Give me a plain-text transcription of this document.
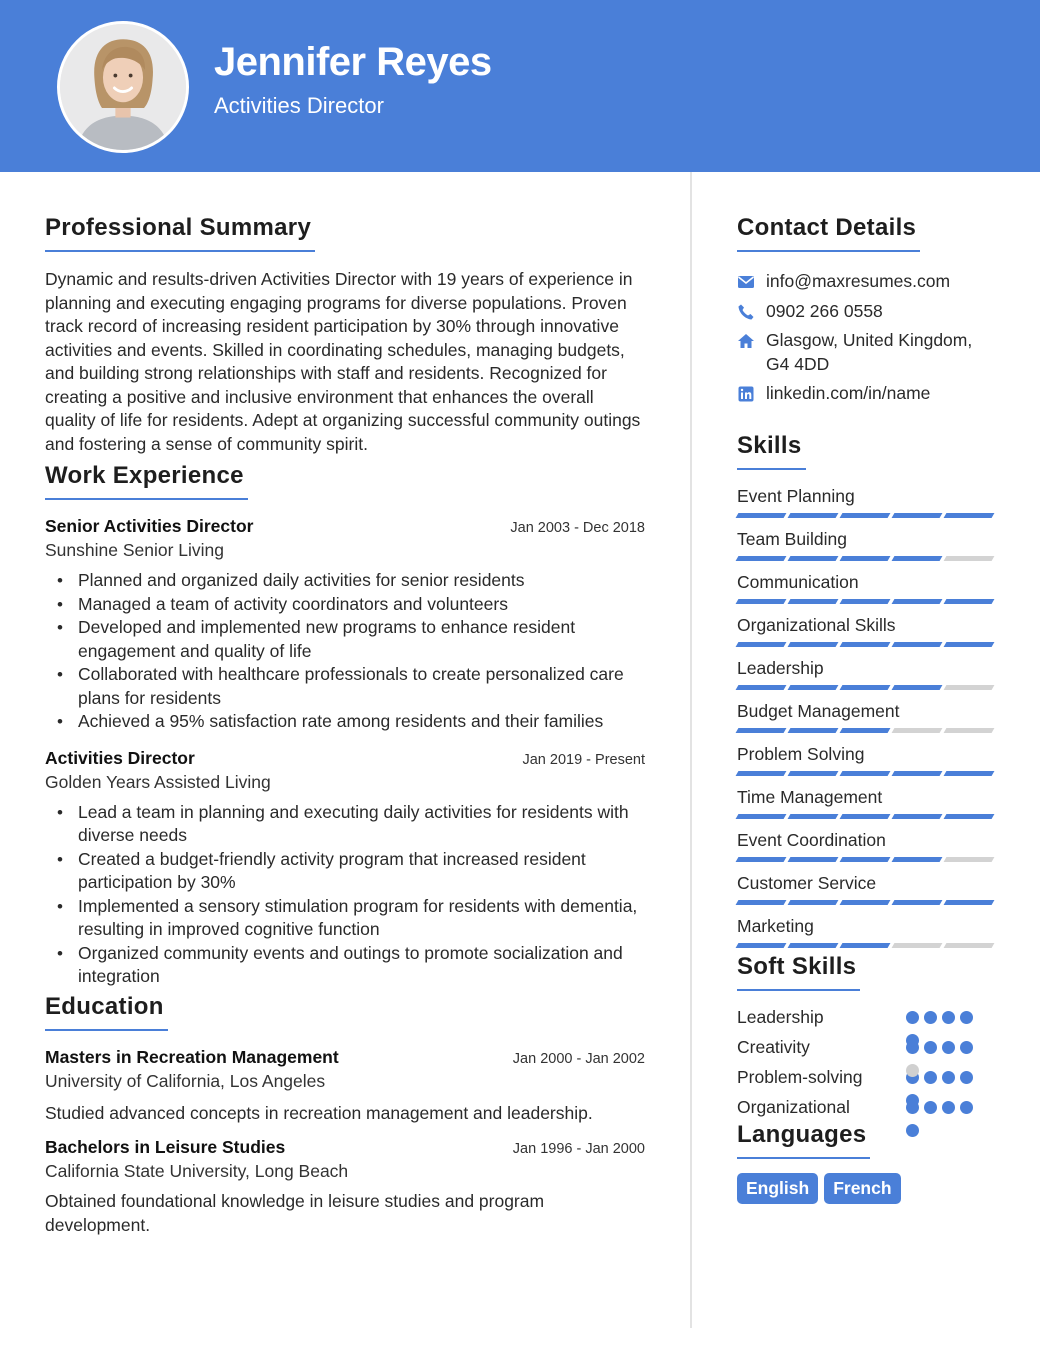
Jennifer Reyes
Activities Director
Professional Summary
Dynamic and results-driven Activities Director with 19 years of experience in planning and executing engaging programs for diverse populations. Proven track record of increasing resident participation by 30% through innovative activities and events. Skilled in coordinating schedules, managing budgets, and building strong relationships with staff and residents. Recognized for creating a positive and inclusive environment that enhances the overall quality of life for residents. Adept at organizing successful community outings and fostering a sense of community spirit.
Work Experience
Senior Activities Director	Jan 2003 - Dec 2018
Sunshine Senior Living
• Planned and organized daily activities for senior residents
• Managed a team of activity coordinators and volunteers
• Developed and implemented new programs to enhance resident engagement and quality of life
• Collaborated with healthcare professionals to create personalized care plans for residents
• Achieved a 95% satisfaction rate among residents and their families
Activities Director	Jan 2019 - Present
Golden Years Assisted Living
• Lead a team in planning and executing daily activities for residents with diverse needs
• Created a budget-friendly activity program that increased resident participation by 30%
• Implemented a sensory stimulation program for residents with dementia, resulting in improved cognitive function
• Organized community events and outings to promote socialization and integration
Education
Masters in Recreation Management	Jan 2000 - Jan 2002
University of California, Los Angeles
Studied advanced concepts in recreation management and leadership.
Bachelors in Leisure Studies	Jan 1996 - Jan 2000
California State University, Long Beach
Obtained foundational knowledge in leisure studies and program development.
Contact Details
info@maxresumes.com
0902 266 0558
Glasgow, United Kingdom, G4 4DD
linkedin.com/in/name
Skills
Event Planning
Team Building
Communication
Organizational Skills
Leadership
Budget Management
Problem Solving
Time Management
Event Coordination
Customer Service
Marketing
Soft Skills
Leadership
Creativity
Problem-solving
Organizational
Languages
English	French
